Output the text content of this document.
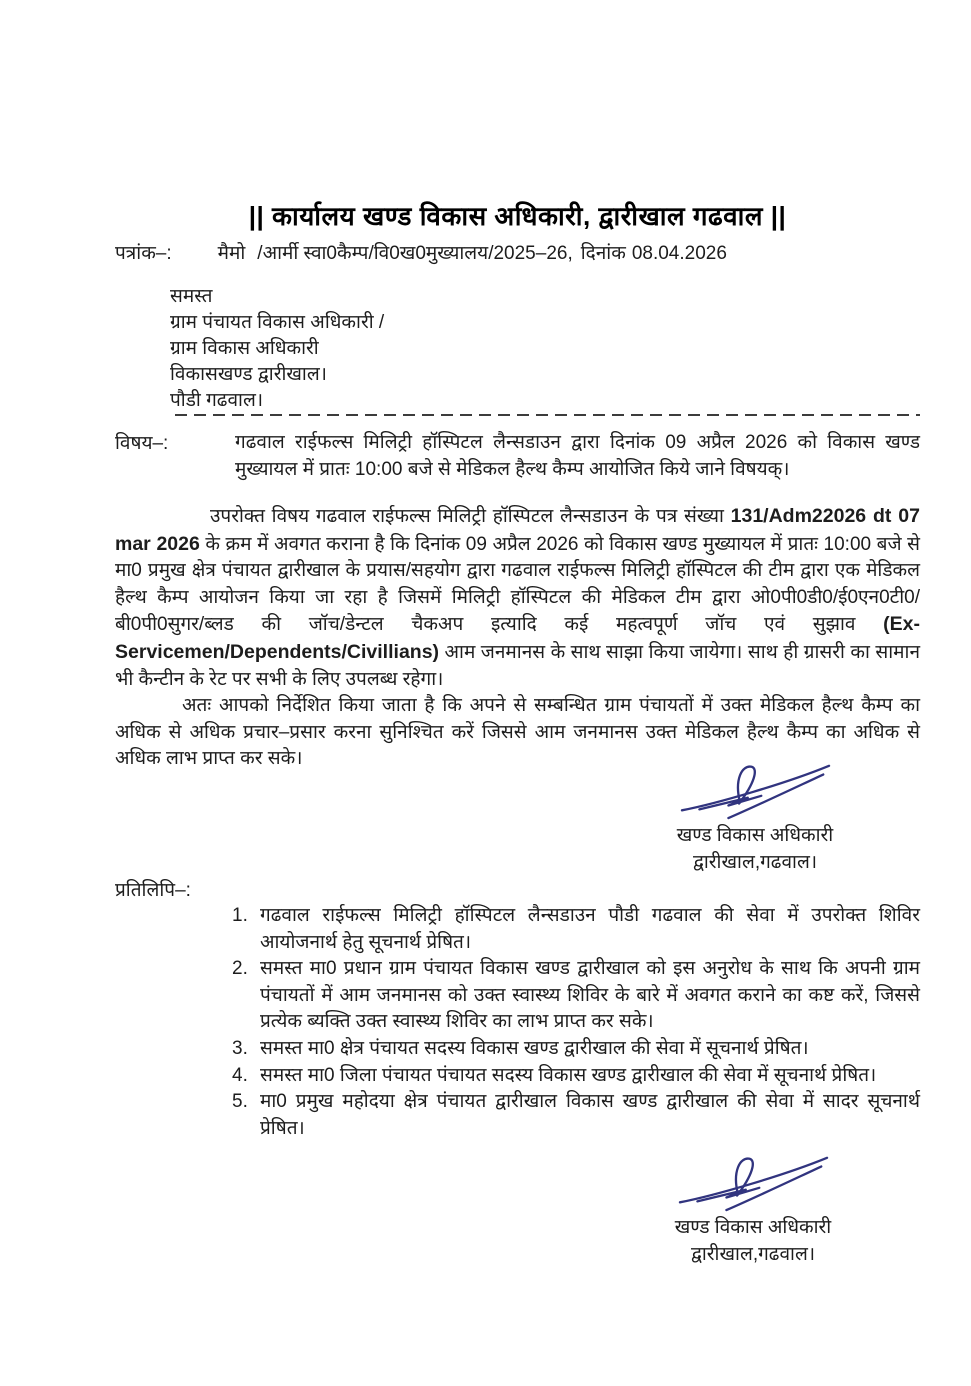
|| कार्यालय खण्ड विकास अधिकारी, द्वारीखाल गढवाल ||
पत्रांक–: मैमो /आर्मी स्वा0कैम्प/वि0ख0मुख्यालय/2025–26, दिनांक 08.04.2026
समस्त
ग्राम पंचायत विकास अधिकारी /
ग्राम विकास अधिकारी
विकासखण्ड द्वारीखाल।
पौडी गढवाल।
विषय–:	गढवाल राईफल्स मिलिट्री हॉस्पिटल लैन्सडाउन द्वारा दिनांक 09 अप्रैल 2026 को विकास खण्ड मुख्यायल में प्रातः 10:00 बजे से मेडिकल हैल्थ कैम्प आयोजित किये जाने विषयक्।

उपरोक्त विषय गढवाल राईफल्स मिलिट्री हॉस्पिटल लैन्सडाउन के पत्र संख्या 131/Adm22026 dt 07 mar 2026 के क्रम में अवगत कराना है कि दिनांक 09 अप्रैल 2026 को विकास खण्ड मुख्यायल में प्रातः 10:00 बजे से मा0 प्रमुख क्षेत्र पंचायत द्वारीखाल के प्रयास/सहयोग द्वारा गढवाल राईफल्स मिलिट्री हॉस्पिटल की टीम द्वारा एक मेडिकल हैल्थ कैम्प आयोजन किया जा रहा है जिसमें मिलिट्री हॉस्पिटल की मेडिकल टीम द्वारा ओ0पी0डी0/ई0एन0टी0/बी0पी0सुगर/ब्लड की जॉच/डेन्टल चैकअप इत्यादि कई महत्वपूर्ण जॉच एवं सुझाव (Ex-Servicemen/Dependents/Civillians) आम जनमानस के साथ साझा किया जायेगा। साथ ही ग्रासरी का सामान भी कैन्टीन के रेट पर सभी के लिए उपलब्ध रहेगा।

अतः आपको निर्देशित किया जाता है कि अपने से सम्बन्धित ग्राम पंचायतों में उक्त मेडिकल हैल्थ कैम्प का अधिक से अधिक प्रचार–प्रसार करना सुनिश्चित करें जिससे आम जनमानस उक्त मेडिकल हैल्थ कैम्प का अधिक से अधिक लाभ प्राप्त कर सके।

खण्ड विकास अधिकारी
द्वारीखाल,गढवाल।
प्रतिलिपि–:
1. गढवाल राईफल्स मिलिट्री हॉस्पिटल लैन्सडाउन पौडी गढवाल की सेवा में उपरोक्त शिविर आयोजनार्थ हेतु सूचनार्थ प्रेषित।
2. समस्त मा0 प्रधान ग्राम पंचायत विकास खण्ड द्वारीखाल को इस अनुरोध के साथ कि अपनी ग्राम पंचायतों में आम जनमानस को उक्त स्वास्थ्य शिविर के बारे में अवगत कराने का कष्ट करें, जिससे प्रत्येक ब्यक्ति उक्त स्वास्थ्य शिविर का लाभ प्राप्त कर सके।
3. समस्त मा0 क्षेत्र पंचायत सदस्य विकास खण्ड द्वारीखाल की सेवा में सूचनार्थ प्रेषित।
4. समस्त मा0 जिला पंचायत पंचायत सदस्य विकास खण्ड द्वारीखाल की सेवा में सूचनार्थ प्रेषित।
5. मा0 प्रमुख महोदया क्षेत्र पंचायत द्वारीखाल विकास खण्ड द्वारीखाल की सेवा में सादर सूचनार्थ प्रेषित।
खण्ड विकास अधिकारी
द्वारीखाल,गढवाल।
